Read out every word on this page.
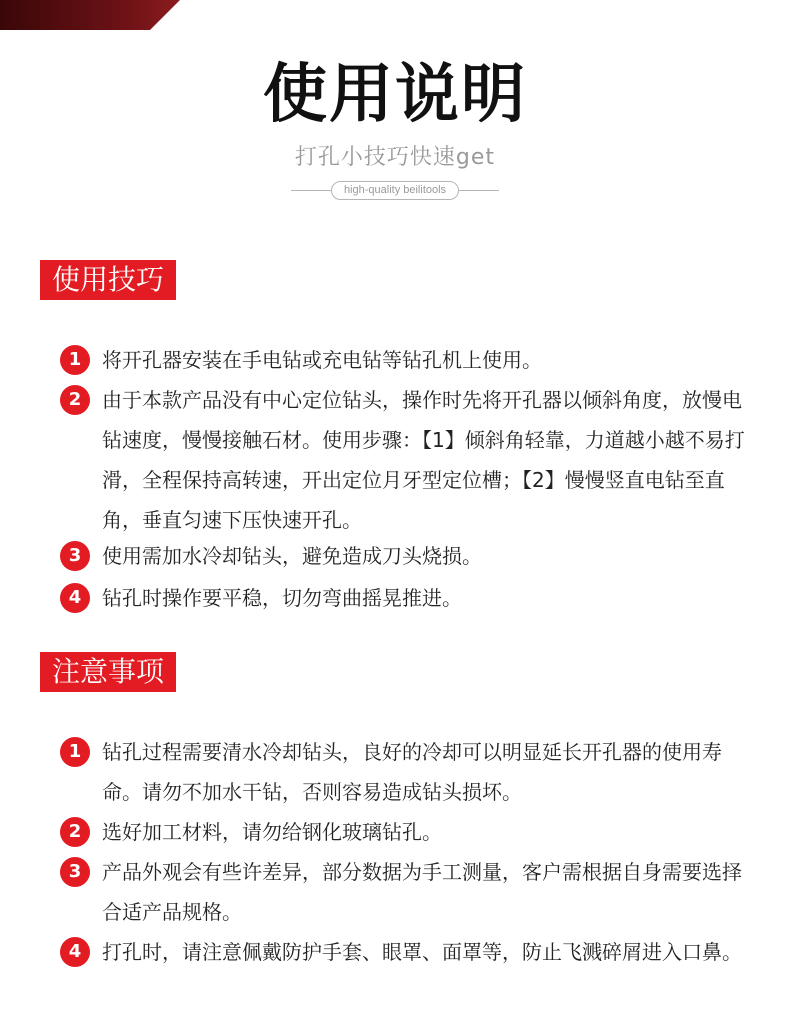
使用说明
打孔小技巧快速get
high-quality beilitools
使用技巧
1	将开孔器安装在手电钻或充电钻等钻孔机上使用。
2	由于本款产品没有中心定位钻头，操作时先将开孔器以倾斜角度，放慢电钻速度，慢慢接触石材。使用步骤：【1】倾斜角轻靠，力道越小越不易打滑，全程保持高转速，开出定位月牙型定位槽；【2】慢慢竖直电钻至直角，垂直匀速下压快速开孔。
3	使用需加水冷却钻头，避免造成刀头烧损。
4	钻孔时操作要平稳，切勿弯曲摇晃推进。
注意事项
1	钻孔过程需要清水冷却钻头，良好的冷却可以明显延长开孔器的使用寿命。请勿不加水干钻，否则容易造成钻头损坏。
2	选好加工材料，请勿给钢化玻璃钻孔。
3	产品外观会有些许差异，部分数据为手工测量，客户需根据自身需要选择合适产品规格。
4	打孔时，请注意佩戴防护手套、眼罩、面罩等，防止飞溅碎屑进入口鼻。
